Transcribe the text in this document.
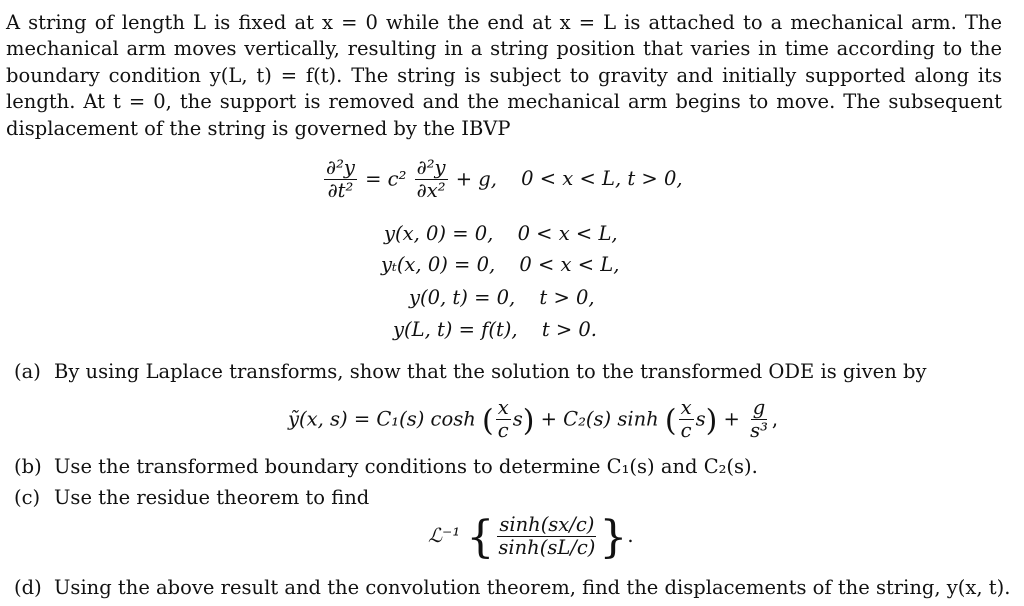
A string of length L is fixed at x = 0 while the end at x = L is attached to a mechanical arm. The
mechanical arm moves vertically, resulting in a string position that varies in time according to the
boundary condition y(L, t) = f(t). The string is subject to gravity and initially supported along its
length. At t = 0, the support is removed and the mechanical arm begins to move. The subsequent
displacement of the string is governed by the IBVP
$\frac{\text{∂²y}}{\text{∂t²}} = c^2 \frac{\text{∂²y}}{\text{∂x²}} + g$, 0 < x < L, t > 0,
y(x, 0) = 0, 0 < x < L,
yₜ(x, 0) = 0, 0 < x < L,
y(0, t) = 0, t > 0,
y(L, t) = f(t), t > 0.
(a) By using Laplace transforms, show that the solution to the transformed ODE is given by
ỹ(x, s) = C₁(s) cosh ( $\frac{x}{c} s) + C_2(s)$ sinh ( $\frac{x}{c} s) + \frac{g}{\text{s³}}$ ,
(b) Use the transformed boundary conditions to determine C₁(s) and C₂(s).
(c) Use the residue theorem to find
ℒ⁻¹ { $\frac{\sinh(sx/c)}{\sinh(sL/c)}$ }.
(d) Using the above result and the convolution theorem, find the displacements of the string, y(x, t).
